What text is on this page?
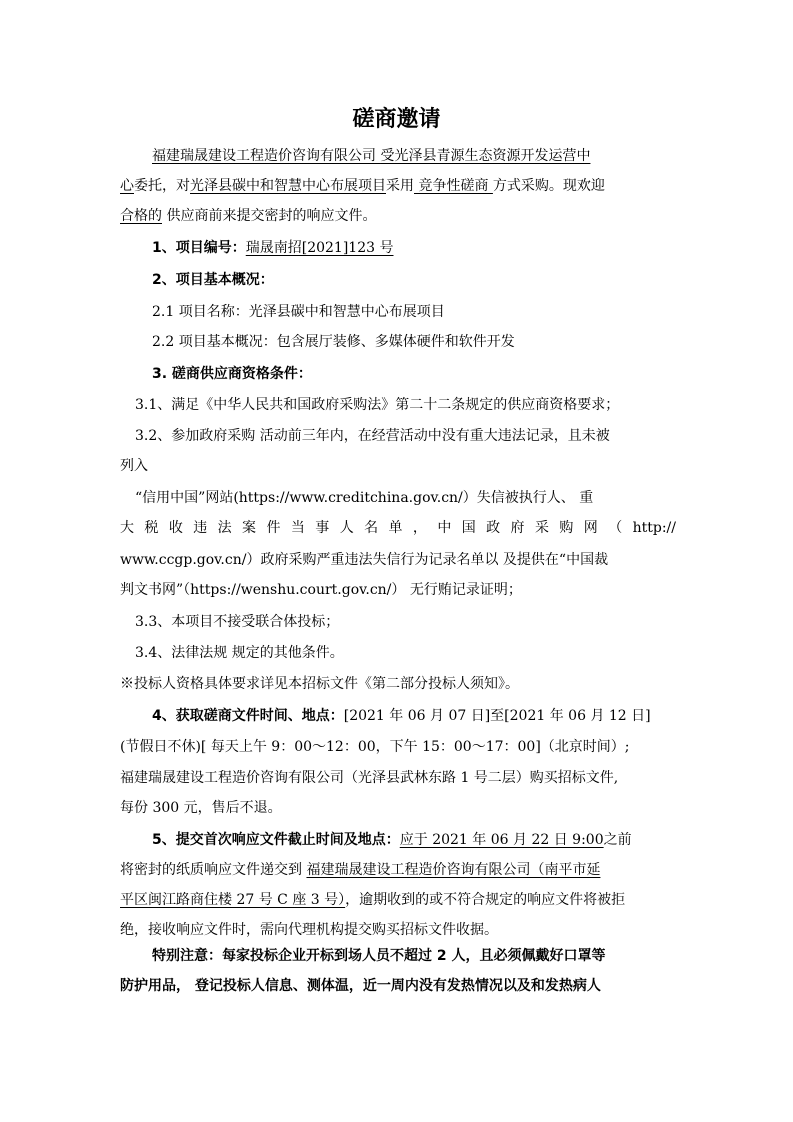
磋商邀请
福建瑞晟建设工程造价咨询有限公司 受光泽县青源生态资源开发运营中
心委托，对光泽县碳中和智慧中心布展项目采用 竞争性磋商 方式采购。现欢迎
合格的 供应商前来提交密封的响应文件。
1、项目编号：瑞晟南招[2021]123 号
2、项目基本概况：
2.1 项目名称：光泽县碳中和智慧中心布展项目
2.2 项目基本概况：包含展厅装修、多媒体硬件和软件开发
3. 磋商供应商资格条件：
3.1、满足《中华人民共和国政府采购法》第二十二条规定的供应商资格要求；
3.2、参加政府采购 活动前三年内，在经营活动中没有重大违法记录，且未被
列入
“信用中国”网站(https://www.creditchina.gov.cn/）失信被执行人、 重
大税收违法案件当事人名单，中国政府采购网（http://
www.ccgp.gov.cn/）政府采购严重违法失信行为记录名单以 及提供在“中国裁
判文书网”（https://wenshu.court.gov.cn/） 无行贿记录证明；
3.3、本项目不接受联合体投标；
3.4、法律法规 规定的其他条件。
※投标人资格具体要求详见本招标文件《第二部分投标人须知》。
4、获取磋商文件时间、地点：[2021 年 06 月 07 日]至[2021 年 06 月 12 日]
(节假日不休)[ 每天上午 9：00～12：00，下午 15：00～17：00]（北京时间）;
福建瑞晟建设工程造价咨询有限公司（光泽县武林东路 1 号二层）购买招标文件,
每份 300 元，售后不退。
5、提交首次响应文件截止时间及地点：应于 2021 年 06 月 22 日 9:00之前
将密封的纸质响应文件递交到 福建瑞晟建设工程造价咨询有限公司（南平市延
平区闽江路商住楼 27 号 C 座 3 号），逾期收到的或不符合规定的响应文件将被拒
绝，接收响应文件时，需向代理机构提交购买招标文件收据。
特别注意：每家投标企业开标到场人员不超过 2 人，且必须佩戴好口罩等
防护用品， 登记投标人信息、测体温，近一周内没有发热情况以及和发热病人
